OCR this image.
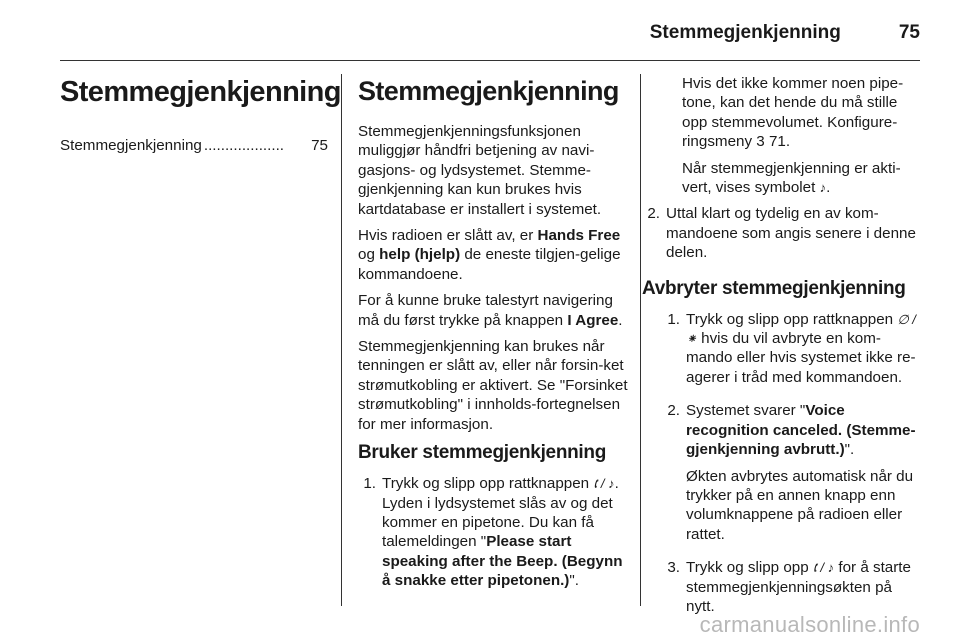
Stemmegjenkjenning	75
Stemmegjenkjenning
Stemmegjenkjenning ...................	75
Stemmegjenkjenning

Stemmegjenkjenningsfunksjonen muliggjør håndfri betjening av navi-gasjons- og lydsystemet. Stemme-gjenkjenning kan kun brukes hvis kartdatabase er installert i systemet.

Hvis radioen er slått av, er Hands Free og help (hjelp) de eneste tilgjen-gelige kommandoene.

For å kunne bruke talestyrt navigering må du først trykke på knappen I Agree.

Stemmegjenkjenning kan brukes når tenningen er slått av, eller når forsin-ket strømutkobling er aktivert. Se "Forsinket strømutkobling" i innholds-fortegnelsen for mer informasjon.

Bruker stemmegjenkjenning
1. Trykk og slipp opp rattknappen 🕻 / ♪. Lyden i lydsystemet slås av og det kommer en pipetone. Du kan få talemeldingen "Please start speaking after the Beep. (Begynn å snakke etter pipetonen.)".

Hvis det ikke kommer noen pipe-tone, kan det hende du må stille opp stemmevolumet. Konfigure-ringsmeny 3 71.

Når stemmegjenkjenning er akti-vert, vises symbolet ♪.

2. Uttal klart og tydelig en av kom-mandoene som angis senere i denne delen.

Avbryter stemmegjenkjenning
1. Trykk og slipp opp rattknappen ∅ / ⁕ hvis du vil avbryte en kom-mando eller hvis systemet ikke re-agerer i tråd med kommandoen.

2. Systemet svarer "Voice recognition canceled. (Stemme-gjenkjenning avbrutt.)".

Økten avbrytes automatisk når du trykker på en annen knapp enn volumknappene på radioen eller rattet.

3. Trykk og slipp opp 🕻 / ♪ for å starte stemmegjenkjenningsøkten på nytt.

carmanualsonline.info
